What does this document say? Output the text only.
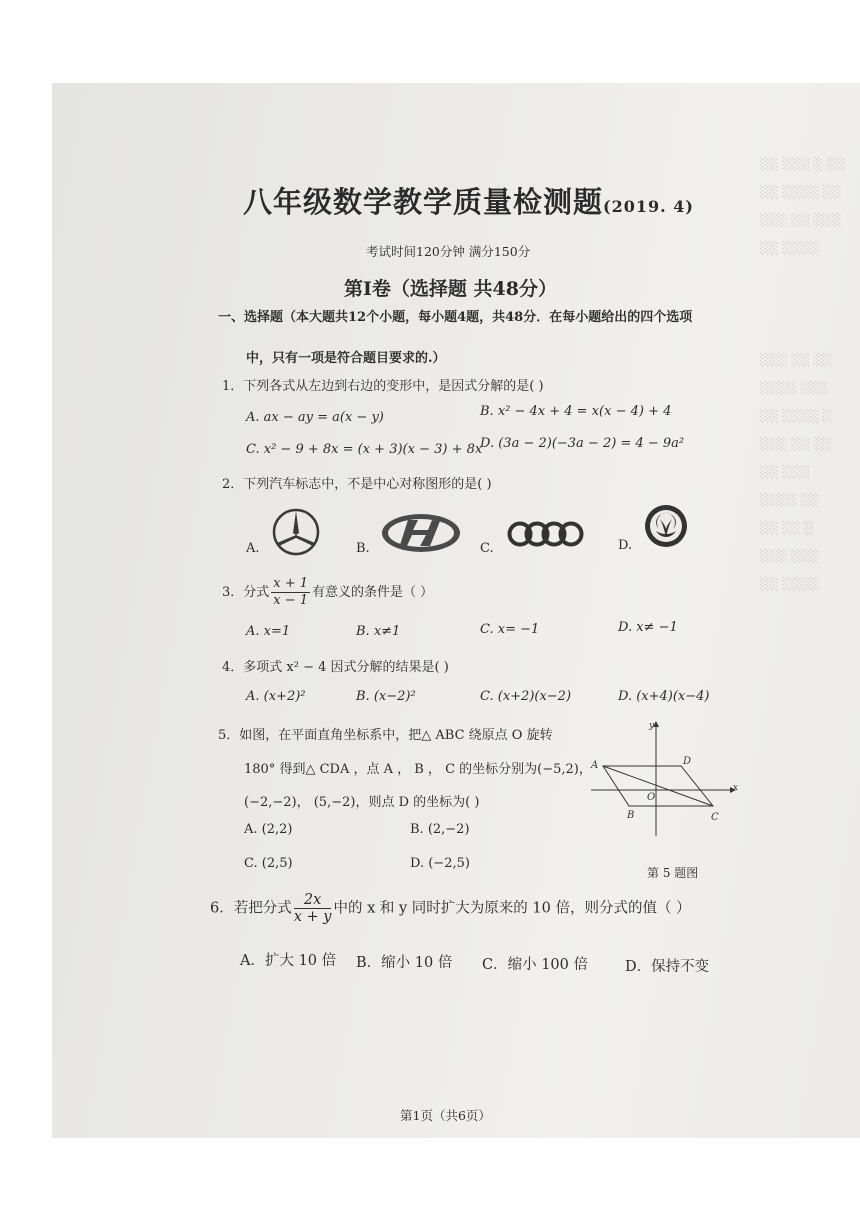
░░ ░░░ ░ ░░
░░ ░░░░ ░░
░░░ ░░ ░░░
░░ ░░░░

░░░ ░░ ░░
░░░░ ░░░
░░ ░░░░ ░
░░░ ░░ ░░
░░ ░░░
░░░░ ░░
░░ ░░ ░
░░░ ░░░
░░ ░░░░
八年级数学教学质量检测题(2019. 4)
考试时间120分钟 满分150分
第Ⅰ卷（选择题 共48分）
一、选择题（本大题共12个小题，每小题4题，共48分．在每小题给出的四个选项
中，只有一项是符合题目要求的.）
1．下列各式从左边到右边的变形中，是因式分解的是( )
A. ax − ay = a(x − y)	B. x² − 4x + 4 = x(x − 4) + 4
C. x² − 9 + 8x = (x + 3)(x − 3) + 8x
D. (3a − 2)(−3a − 2) = 4 − 9a²
2．下列汽车标志中，不是中心对称图形的是( )
A.	B.	C.	D.
3．分式 $\frac{x + 1}{x - 1}$ 有意义的条件是（ ）
A. x=1	B. x≠1	C. x= −1	D. x≠ −1
4．多项式 x² − 4 因式分解的结果是( )
A. (x+2)²	B. (x−2)²	C. (x+2)(x−2)	D. (x+4)(x−4)
5．如图，在平面直角坐标系中，把△ ABC 绕原点 O 旋转
180° 得到△ CDA ，点 A ， B ， C 的坐标分别为(−5,2)，
(−2,−2)， (5,−2)，则点 D 的坐标为( )
A. (2,2)	B. (2,−2)
C. (2,5)	D. (−2,5)
A	D
B	C
O
x
y
第 5 题图
6．若把分式 $\frac{2x}{x + y}$ 中的 x 和 y 同时扩大为原来的 10 倍，则分式的值（ ）
A．扩大 10 倍 B．缩小 10 倍 C．缩小 100 倍	D．保持不变
第1页（共6页）
